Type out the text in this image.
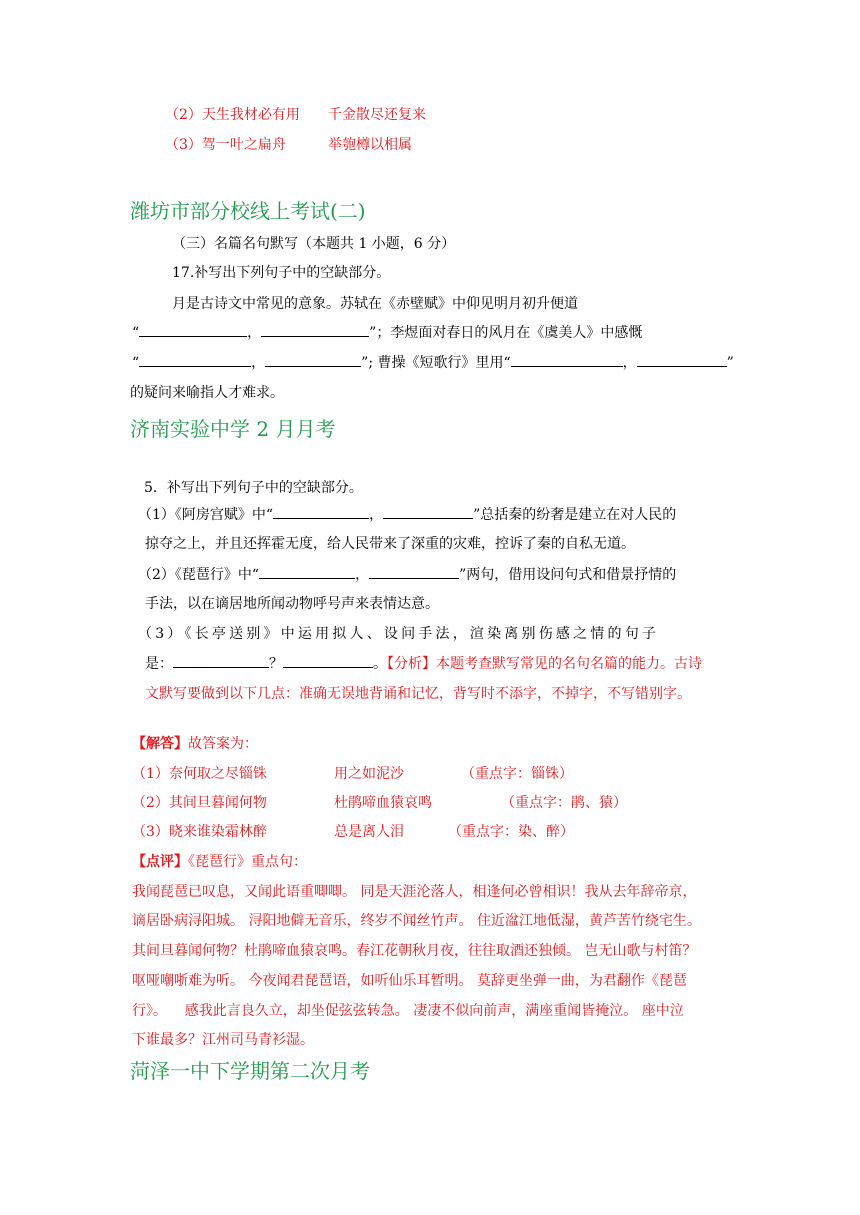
（2）天生我材必有用 千金散尽还复来
（3）驾一叶之扁舟	举匏樽以相属
潍坊市部分校线上考试(二)
（三）名篇名句默写（本题共 1 小题，6 分）
17.补写出下列句子中的空缺部分。
月是古诗文中常见的意象。苏轼在《赤壁赋》中仰见明月初升便道
“	，	”；李煜面对春日的风月在《虞美人》中感慨
“	，	”; 曹操《短歌行》里用“	，	”
的疑问来喻指人才难求。
济南实验中学 2 月月考
5．补写出下列句子中的空缺部分。
（1）《阿房宫赋》中“	，	”总括秦的纷奢是建立在对人民的
掠夺之上，并且还挥霍无度，给人民带来了深重的灾难，控诉了秦的自私无道。
（2）《琵琶行》中“	，	”两句，借用设问句式和借景抒情的
手法，以在谪居地所闻动物呼号声来表情达意。
（3）《长亭送别》中运用拟人、设问手法，渲染离别伤感之情的句子
是：	？	。【分析】本题考查默写常见的名句名篇的能力。古诗
文默写要做到以下几点：准确无误地背诵和记忆，背写时不添字，不掉字，不写错别字。
【解答】故答案为：
（1）奈何取之尽锱铢	用之如泥沙	（重点字：锱铢）
（2）其间旦暮闻何物	杜鹃啼血猿哀鸣	（重点字：鹃、猿）
（3）晓来谁染霜林醉	总是离人泪	（重点字：染、醉）
【点评】《琵琶行》重点句：
我闻琵琶已叹息，又闻此语重唧唧。 同是天涯沦落人，相逢何必曾相识！我从去年辞帝京，
谪居卧病浔阳城。 浔阳地僻无音乐，终岁不闻丝竹声。 住近湓江地低湿，黄芦苦竹绕宅生。
其间旦暮闻何物？杜鹃啼血猿哀鸣。春江花朝秋月夜，往往取酒还独倾。 岂无山歌与村笛？
呕哑嘲哳难为听。 今夜闻君琵琶语，如听仙乐耳暂明。 莫辞更坐弹一曲，为君翻作《琵琶
行》。    感我此言良久立，却坐促弦弦转急。 凄凄不似向前声，满座重闻皆掩泣。 座中泣
下谁最多？江州司马青衫湿。
菏泽一中下学期第二次月考
